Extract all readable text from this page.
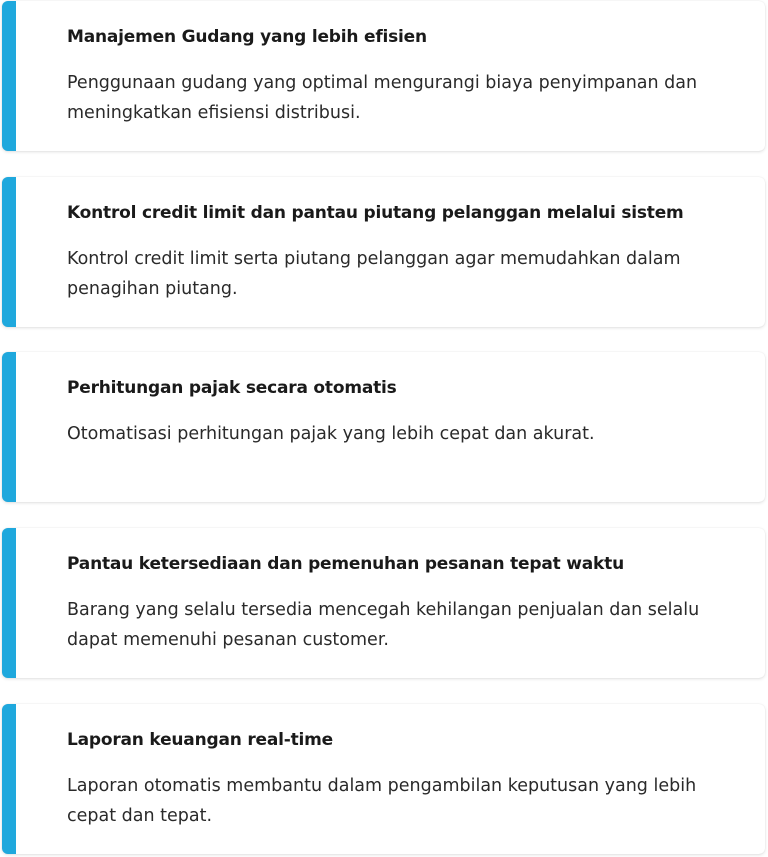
Manajemen Gudang yang lebih efisien

Penggunaan gudang yang optimal mengurangi biaya penyimpanan dan meningkatkan efisiensi distribusi.

Kontrol credit limit dan pantau piutang pelanggan melalui sistem

Kontrol credit limit serta piutang pelanggan agar memudahkan dalam penagihan piutang.

Perhitungan pajak secara otomatis

Otomatisasi perhitungan pajak yang lebih cepat dan akurat.

Pantau ketersediaan dan pemenuhan pesanan tepat waktu

Barang yang selalu tersedia mencegah kehilangan penjualan dan selalu dapat memenuhi pesanan customer.

Laporan keuangan real-time

Laporan otomatis membantu dalam pengambilan keputusan yang lebih cepat dan tepat.
